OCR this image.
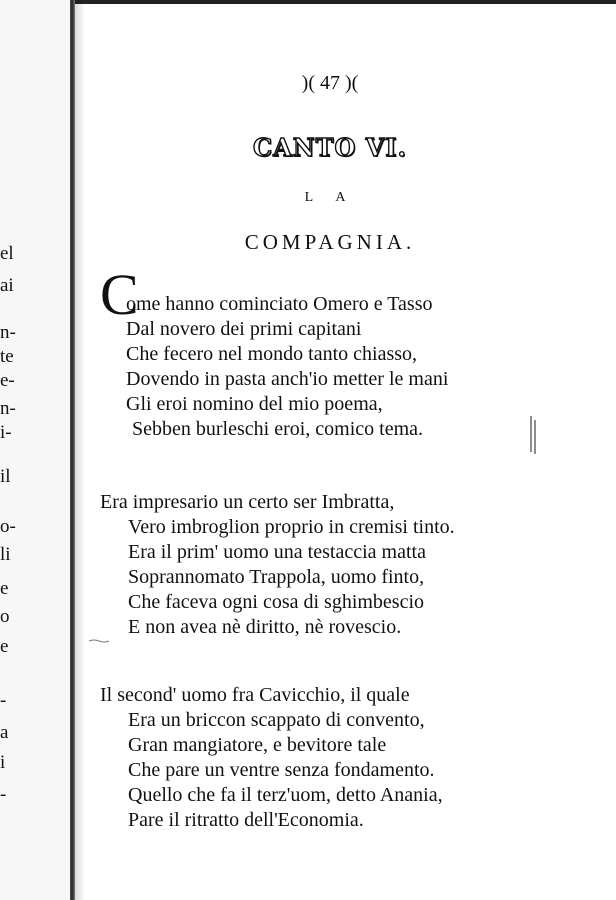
el
ai
n-
te
e-
n-
i-
il
o-
li
e
o
e
-
a
i
-
)( 47 )(
CANTO VI.
L A
COMPAGNIA.
C
ome hanno cominciato Omero e Tasso
Dal novero dei primi capitani
Che fecero nel mondo tanto chiasso,
Dovendo in pasta anch'io metter le mani
Gli eroi nomino del mio poema,
Sebben burleschi eroi, comico tema.
Era impresario un certo ser Imbratta,
Vero imbroglion proprio in cremisi tinto.
Era il prim' uomo una testaccia matta
Soprannomato Trappola, uomo finto,
Che faceva ogni cosa di sghimbescio
E non avea nè diritto, nè rovescio.
Il second' uomo fra Cavicchio, il quale
Era un briccon scappato di convento,
Gran mangiatore, e bevitore tale
Che pare un ventre senza fondamento.
Quello che fa il terz'uom, detto Anania,
Pare il ritratto dell'Economia.
